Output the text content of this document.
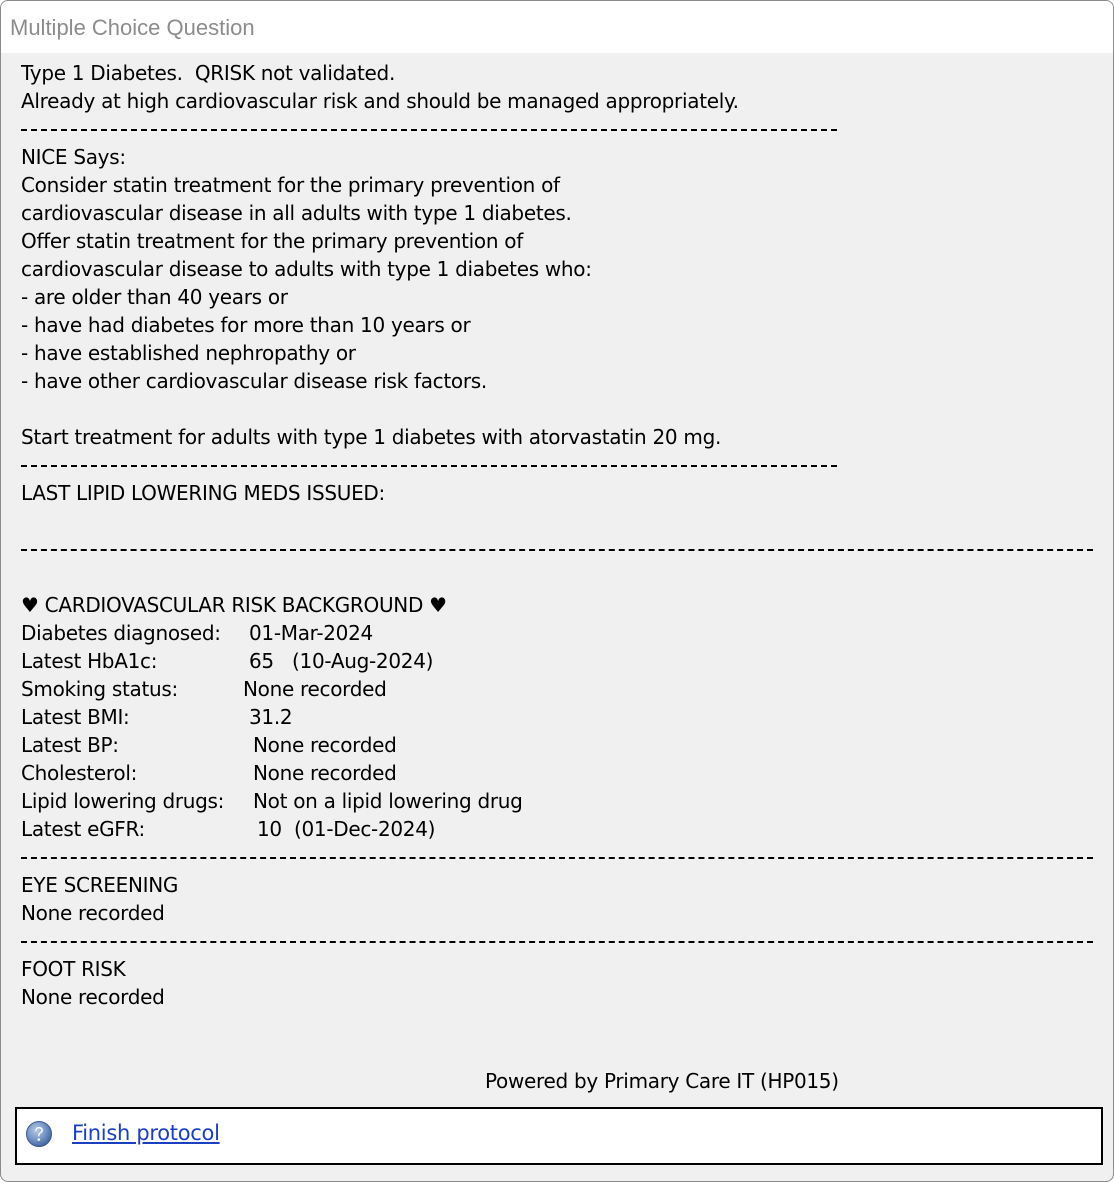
Multiple Choice Question
Type 1 Diabetes.  QRISK not validated.
Already at high cardiovascular risk and should be managed appropriately.
NICE Says:
Consider statin treatment for the primary prevention of
cardiovascular disease in all adults with type 1 diabetes.
Offer statin treatment for the primary prevention of
cardiovascular disease to adults with type 1 diabetes who:
- are older than 40 years or
- have had diabetes for more than 10 years or
- have established nephropathy or
- have other cardiovascular disease risk factors.
Start treatment for adults with type 1 diabetes with atorvastatin 20 mg.
LAST LIPID LOWERING MEDS ISSUED:
♥ CARDIOVASCULAR RISK BACKGROUND ♥
Diabetes diagnosed: 01-Mar-2024
Latest HbA1c:	65   (10-Aug-2024)
Smoking status:	None recorded
Latest BMI:	31.2
Latest BP:	None recorded
Cholesterol:	None recorded
Lipid lowering drugs: Not on a lipid lowering drug
Latest eGFR:	10  (01-Dec-2024)
EYE SCREENING
None recorded
FOOT RISK
None recorded
Powered by Primary Care IT (HP015)
Finish protocol
